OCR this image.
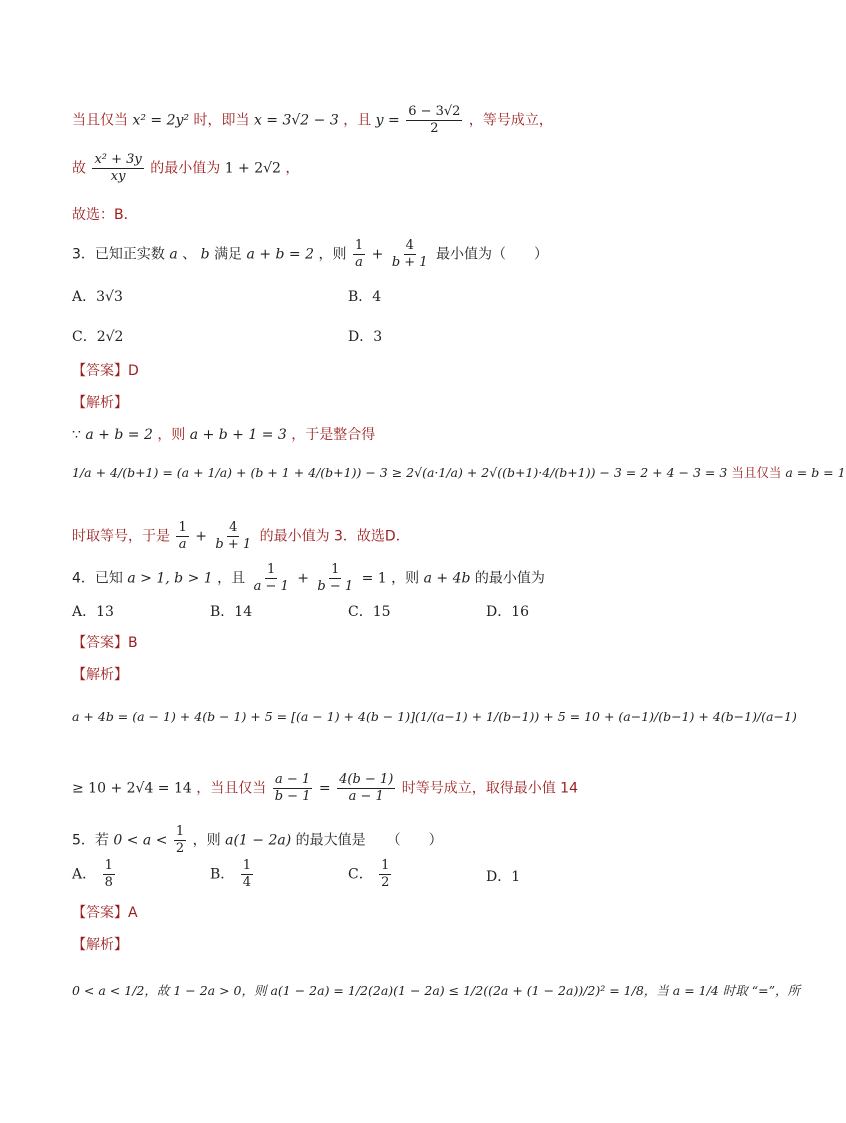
当且仅当 x² = 2y² 时，即当 x = 3√2 − 3 ，且 $y = \frac{6 - 3√2}{2}$ ，等号成立，
故 $\frac{\text{x² + 3y}}{xy}$ 的最小值为 1 + 2√2 ，
故选：B．
3．已知正实数 a 、 b 满足 a + b = 2 ，则 $\frac{1}{a} + \frac{4}{b + 1}$ 最小值为（　　）
A．3√3	B．4
C．2√2	D．3
【答案】D
【解析】
∵ a + b = 2 ，则 a + b + 1 = 3 ，于是整合得
1/a + 4/(b+1) = (a + 1/a) + (b + 1 + 4/(b+1)) − 3 ≥ 2√(a·1/a) + 2√((b+1)·4/(b+1)) − 3 = 2 + 4 − 3 = 3 当且仅当 a = b = 1
时取等号，于是 $\frac{1}{a} + \frac{4}{b + 1}$ 的最小值为 3．故选D．
4．已知 a > 1, b > 1 ，且 $\frac{1}{a - 1} + \frac{1}{b - 1} = 1$ ，则 a + 4b 的最小值为
A．13	B．14	C．15	D．16
【答案】B
【解析】
a + 4b = (a − 1) + 4(b − 1) + 5 = [(a − 1) + 4(b − 1)](1/(a−1) + 1/(b−1)) + 5 = 10 + (a−1)/(b−1) + 4(b−1)/(a−1)
≥ 10 + 2√4 = 14 ，当且仅当 $\frac{a - 1}{b - 1} = \frac{4(b - 1)}{a - 1}$ 时等号成立，取得最小值 14
5．若 $0 < a < \frac{1}{2}$ ，则 a(1 − 2a) 的最大值是　　（　　）
A． $\frac{1}{8}$	B． $\frac{1}{4}$	C． $\frac{1}{2}$	D．1
【答案】A
【解析】
0 < a < 1/2，故 1 − 2a > 0，则 a(1 − 2a) = 1/2(2a)(1 − 2a) ≤ 1/2((2a + (1 − 2a))/2)² = 1/8，当 a = 1/4 时取 “=”，所
